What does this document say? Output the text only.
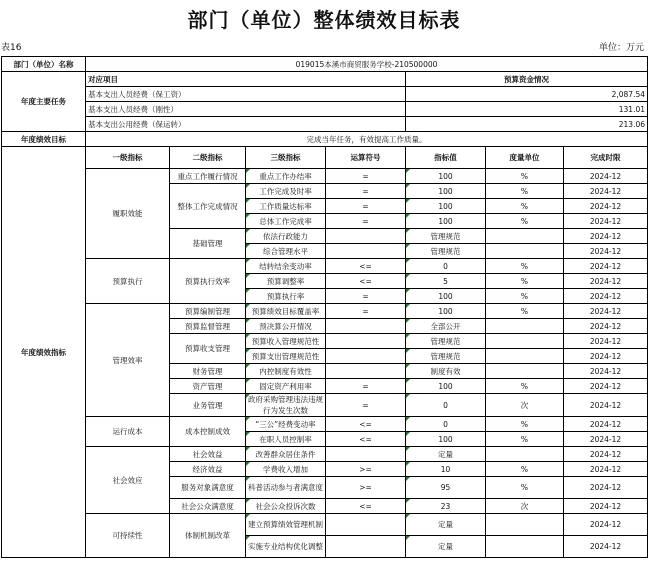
部门（单位）整体绩效目标表
表16	单位：万元
部门（单位）名称	019015本溪市商贸服务学校-210500000						
年度主要任务	对应项目				预算资金情况		
	基本支出人员经费（保工资）				2,087.54		
	基本支出人员经费（刚性）				131.01		
	基本支出公用经费（保运转）				213.06		
年度绩效目标	完成当年任务，有效提高工作质量。						
年度绩效指标	一级指标	二级指标	三级指标	运算符号	指标值	度量单位	完成时限
	履职效能	重点工作履行情况	重点工作办结率	=	100	%	2024-12
		整体工作完成情况	工作完成及时率	=	100	%	2024-12
			工作质量达标率	=	100	%	2024-12
			总体工作完成率	=	100	%	2024-12
		基础管理	依法行政能力		管理规范		2024-12
			综合管理水平		管理规范		2024-12
	预算执行	预算执行效率	结转结余变动率	<=	0	%	2024-12
			预算调整率	<=	5	%	2024-12
			预算执行率	=	100	%	2024-12
	管理效率	预算编制管理	预算绩效目标覆盖率	=	100	%	2024-12
		预算监督管理	预决算公开情况		全部公开		2024-12
		预算收支管理	预算收入管理规范性		管理规范		2024-12
			预算支出管理规范性		管理规范		2024-12
		财务管理	内控制度有效性		制度有效		2024-12
		资产管理	固定资产利用率	=	100	%	2024-12
		业务管理	政府采购管理违法违规行为发生次数	=	0	次	2024-12
	运行成本	成本控制成效	“三公”经费变动率	<=	0	%	2024-12
			在职人员控制率	<=	100	%	2024-12
	社会效应	社会效益	改善群众居住条件		定量		2024-12
		经济效益	学费收入增加	>=	10	%	2024-12
		服务对象满意度	科普活动参与者满意度	>=	95	%	2024-12
		社会公众满意度	社会公众投诉次数	<=	23	次	2024-12
	可持续性	体制机制改革	建立预算绩效管理机制		定量		2024-12
			实施专业结构优化调整		定量		2024-12
